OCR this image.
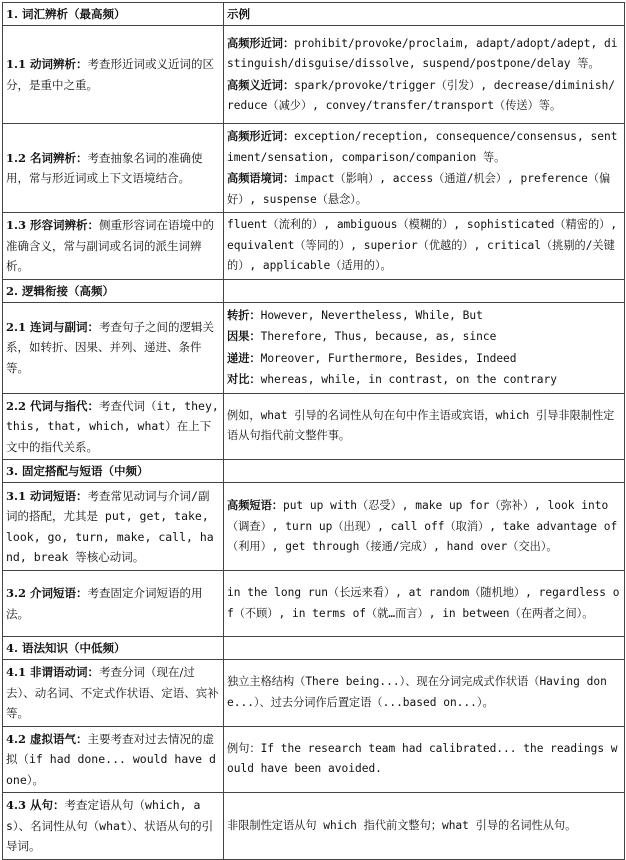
1. 词汇辨析（最高频）	示例
1.1 动词辨析：考查形近词或义近词的区分，是重中之重。	高频形近词：prohibit/provoke/proclaim, adapt/adopt/adept, distinguish/disguise/dissolve, suspend/postpone/delay 等。
高频义近词：spark/provoke/trigger（引发）, decrease/diminish/reduce（减少）, convey/transfer/transport（传送）等。
1.2 名词辨析：考查抽象名词的准确使用，常与形近词或上下文语境结合。	高频形近词：exception/reception, consequence/consensus, sentiment/sensation, comparison/companion 等。
高频语境词：impact（影响）, access（通道/机会）, preference（偏好）, suspense（悬念）。
1.3 形容词辨析：侧重形容词在语境中的准确含义，常与副词或名词的派生词辨析。	fluent（流利的）, ambiguous（模糊的）, sophisticated（精密的）, equivalent（等同的）, superior（优越的）, critical（挑剔的/关键的）, applicable（适用的）。
2. 逻辑衔接（高频）	
2.1 连词与副词：考查句子之间的逻辑关系，如转折、因果、并列、递进、条件等。	转折：However, Nevertheless, While, But
因果：Therefore, Thus, because, as, since
递进：Moreover, Furthermore, Besides, Indeed
对比：whereas, while, in contrast, on the contrary
2.2 代词与指代：考查代词（it, they, this, that, which, what）在上下文中的指代关系。	例如，what 引导的名词性从句在句中作主语或宾语，which 引导非限制性定语从句指代前文整件事。
3. 固定搭配与短语（中频）	
3.1 动词短语：考查常见动词与介词/副词的搭配，尤其是 put, get, take, look, go, turn, make, call, hand, break 等核心动词。	高频短语：put up with（忍受）, make up for（弥补）, look into（调查）, turn up（出现）, call off（取消）, take advantage of（利用）, get through（接通/完成）, hand over（交出）。
3.2 介词短语：考查固定介词短语的用法。	in the long run（长远来看）, at random（随机地）, regardless of（不顾）, in terms of（就…而言）, in between（在两者之间）。
4. 语法知识（中低频）	
4.1 非谓语动词：考查分词（现在/过去）、动名词、不定式作状语、定语、宾补等。	独立主格结构（There being...）、现在分词完成式作状语（Having done...）、过去分词作后置定语（...based on...）。
4.2 虚拟语气：主要考查对过去情况的虚拟（if had done... would have done）。	例句：If the research team had calibrated... the readings would have been avoided.
4.3 从句：考查定语从句（which, as）、名词性从句（what）、状语从句的引导词。	非限制性定语从句 which 指代前文整句；what 引导的名词性从句。
